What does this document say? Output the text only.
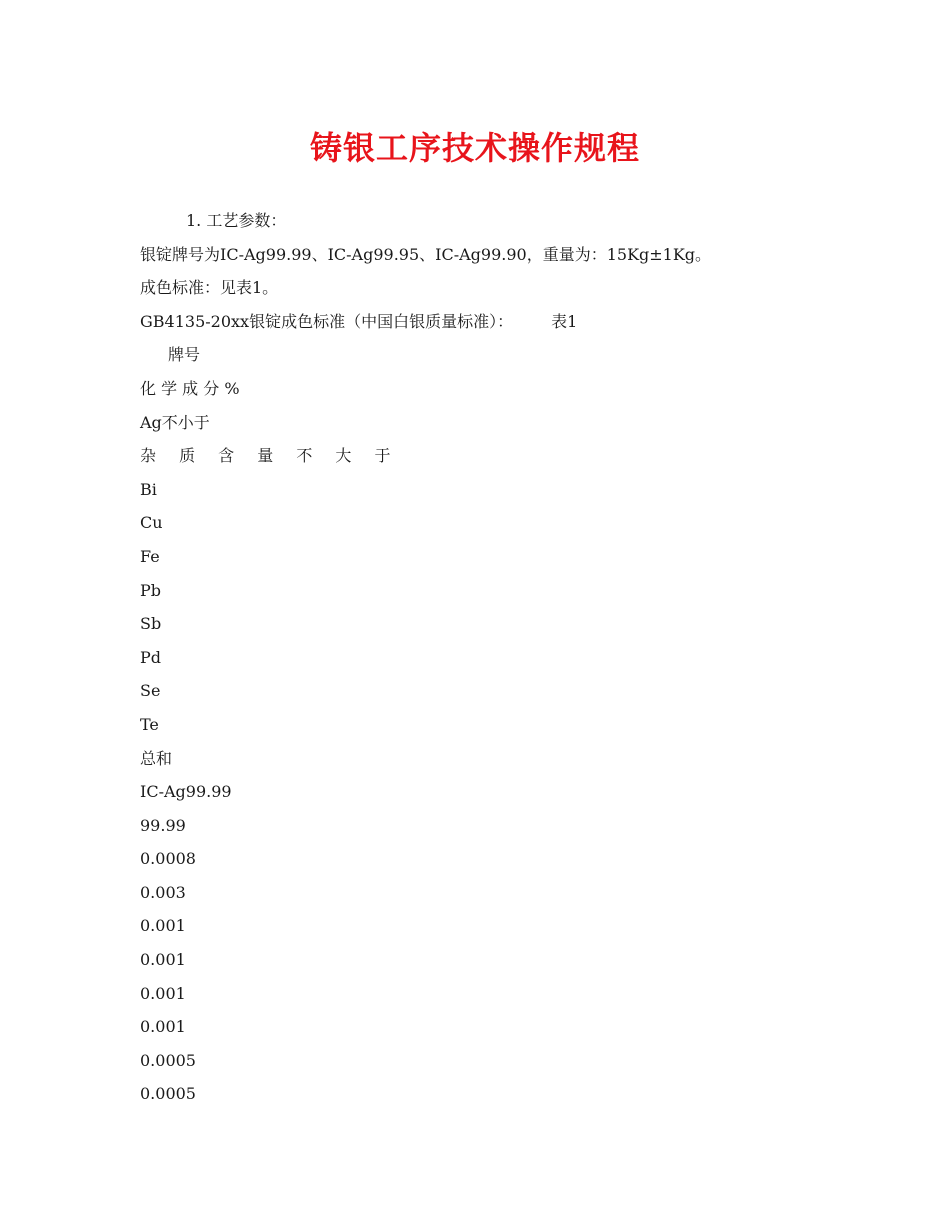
铸银工序技术操作规程
1. 工艺参数：
银锭牌号为IC-Ag99.99、IC-Ag99.95、IC-Ag99.90，重量为：15Kg±1Kg。
成色标准：见表1。
GB4135-20xx银锭成色标准（中国白银质量标准）： 表1
牌号
化 学 成 分 %
Ag不小于
杂 质 含 量 不 大 于
Bi
Cu
Fe
Pb
Sb
Pd
Se
Te
总和
IC-Ag99.99
99.99
0.0008
0.003
0.001
0.001
0.001
0.001
0.0005
0.0005
